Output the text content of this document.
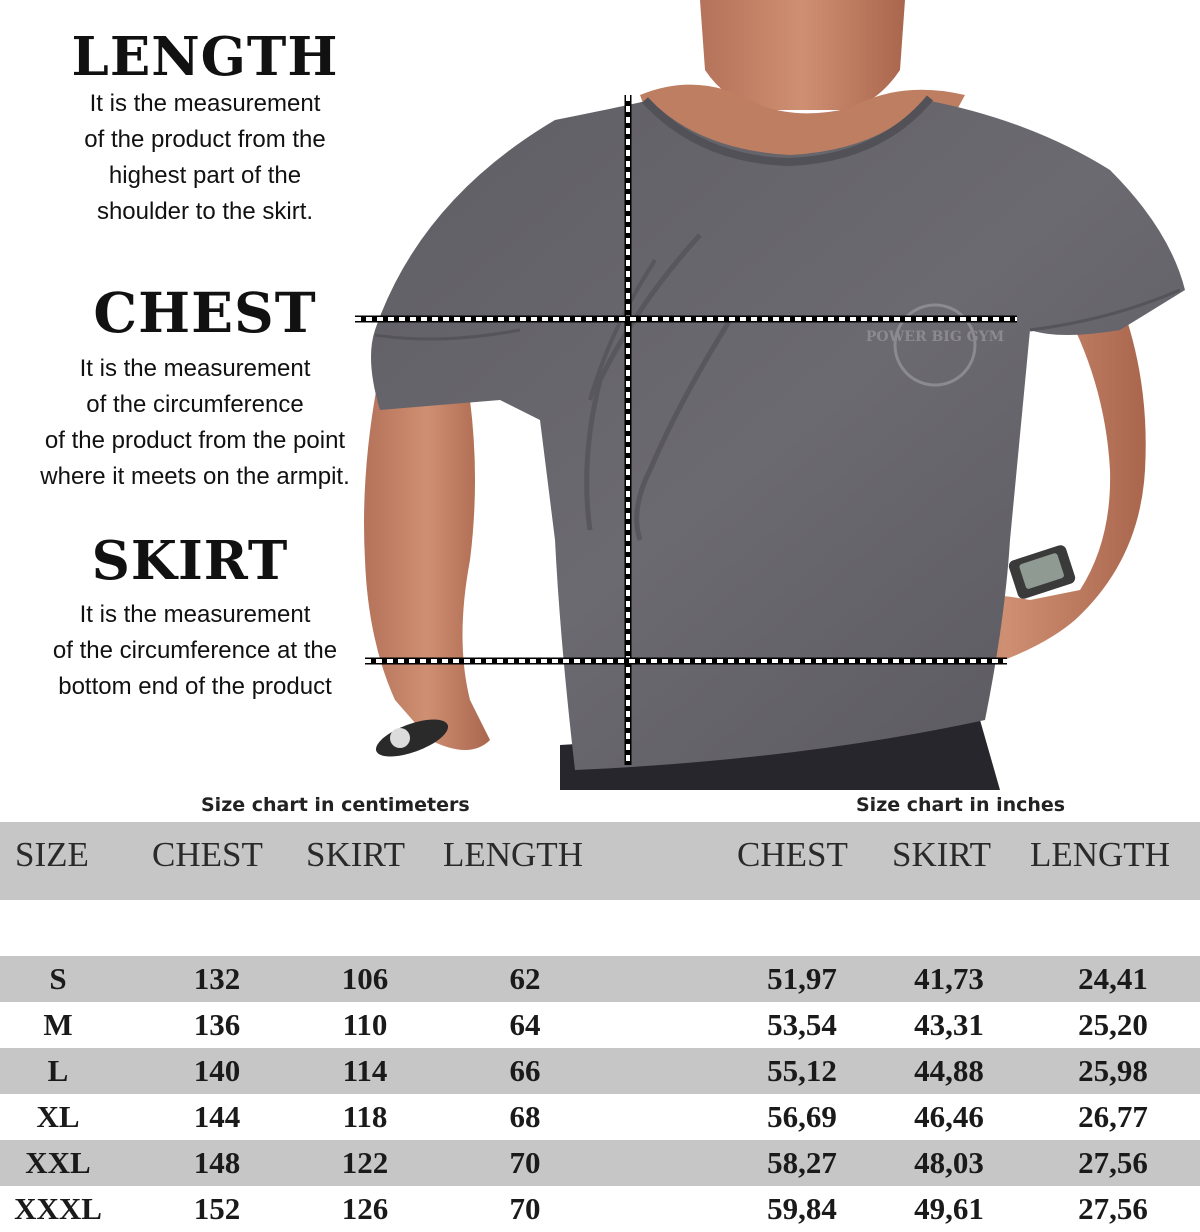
POWER BIG GYM
LENGTH
It is the measurement
of the product from the
highest part of the
shoulder to the skirt.
CHEST
It is the measurement
of the circumference
of the product from the point
where it meets on the armpit.
SKIRT
It is the measurement
of the circumference at the
bottom end of the product
Size chart in centimeters	Size chart in inches
SIZE CHEST SKIRT LENGTH	CHEST SKIRT LENGTH
S	132	106	62	51,97	41,73	24,41
M	136	110	64	53,54	43,31	25,20
L	140	114	66	55,12	44,88	25,98
XL	144	118	68	56,69	46,46	26,77
XXL	148	122	70	58,27	48,03	27,56
XXXL	152	126	70	59,84	49,61	27,56
